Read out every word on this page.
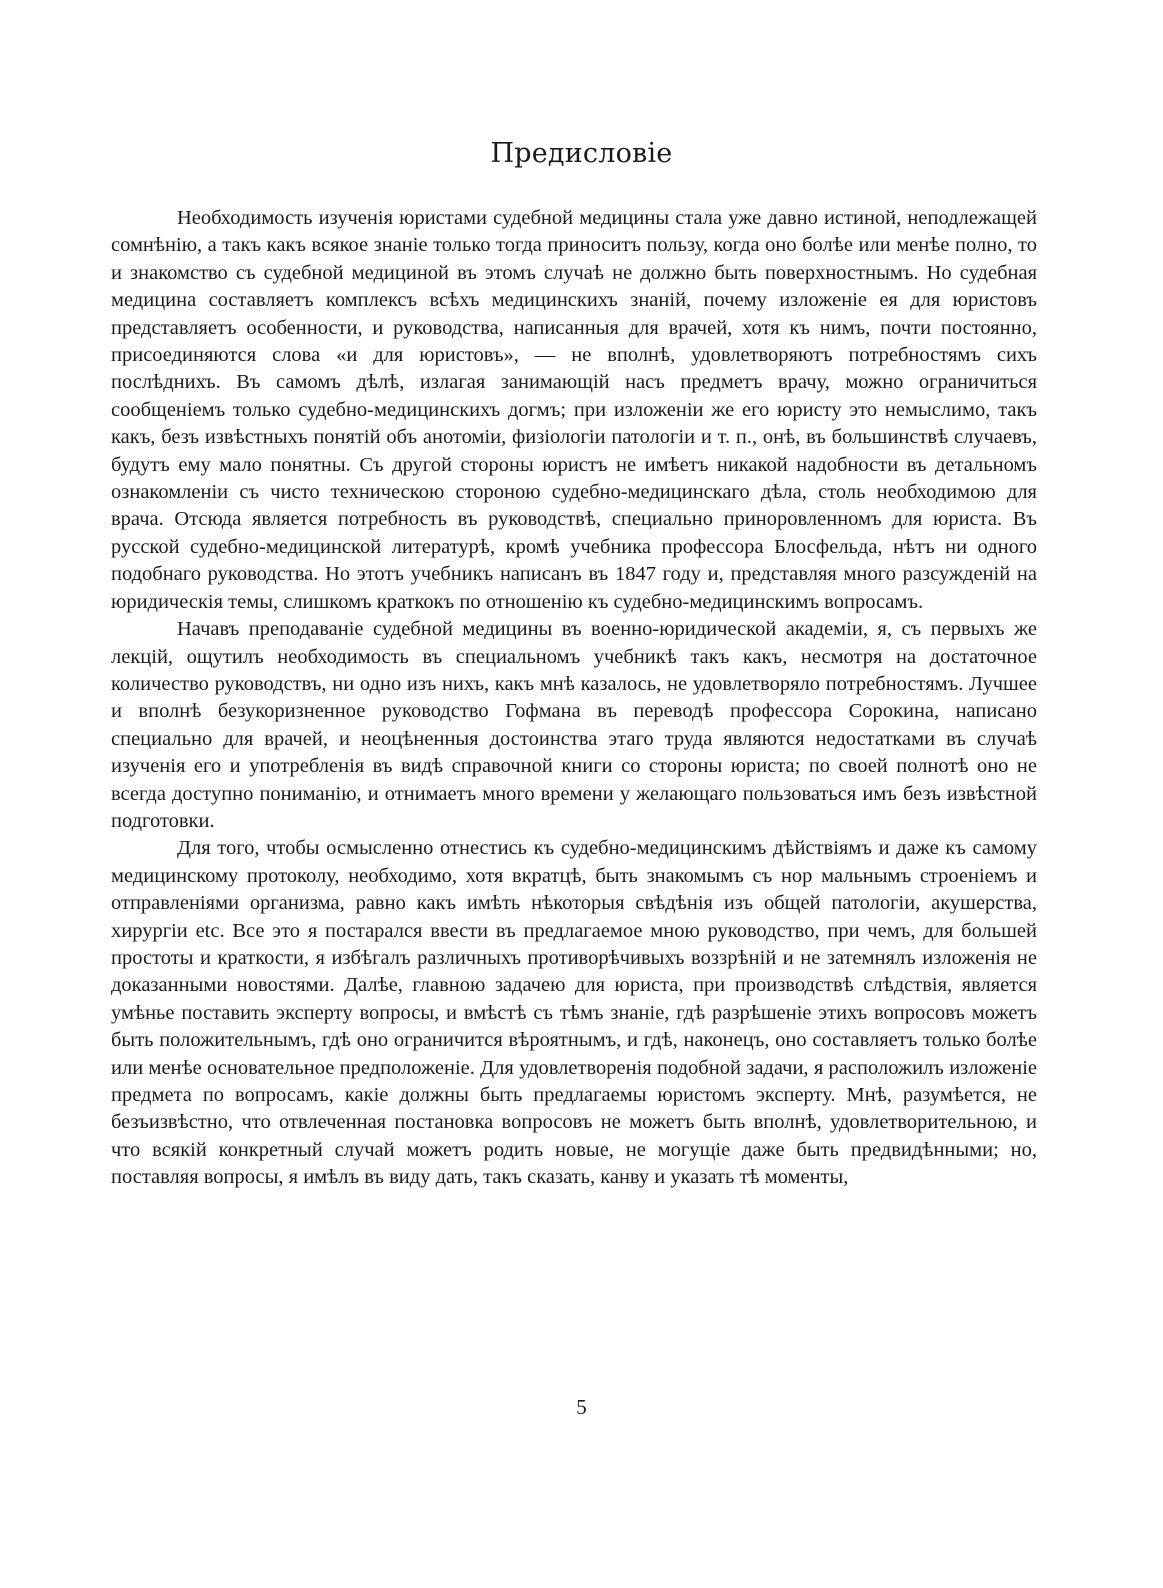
Предисловіе

Необходимость изученія юристами судебной медицины стала уже давно истиной, неподлежащей сомнѣнію, а такъ какъ всякое знаніе только тогда приноситъ пользу, когда оно болѣе или менѣе полно, то и знакомство съ судебной медициной въ этомъ случаѣ не должно быть поверхностнымъ. Но судебная медицина составляетъ комплексъ всѣхъ медицинскихъ знаній, почему изложеніе ея для юристовъ представляетъ особенности, и руководства, написанныя для врачей, хотя къ нимъ, почти постоянно, присоединяются слова «и для юристовъ», — не вполнѣ, удовлетворяютъ потребностямъ сихъ послѣднихъ. Въ самомъ дѣлѣ, излагая занимающій насъ предметъ врачу, можно ограничиться сообщеніемъ только судебно-медицинскихъ догмъ; при изложеніи же его юристу это немыслимо, такъ какъ, безъ извѣстныхъ понятій объ анотоміи, физіологіи патологіи и т. п., онѣ, въ большинствѣ случаевъ, будутъ ему мало понятны. Съ другой стороны юристъ не имѣетъ никакой надобности въ детальномъ ознакомленіи съ чисто техническою стороною судебно-медицинскаго дѣла, столь необходимою для врача. Отсюда является потребность въ руководствѣ, специально приноровленномъ для юриста. Въ русской судебно-медицинской литературѣ, кромѣ учебника профессора Блосфельда, нѣтъ ни одного подобнаго руководства. Но этотъ учебникъ написанъ въ 1847 году и, представляя много разсужденій на юридическія темы, слишкомъ краткокъ по отношенію къ судебно-медицинскимъ вопросамъ.

Начавъ преподаваніе судебной медицины въ военно-юридической академіи, я, съ первыхъ же лекцій, ощутилъ необходимость въ специальномъ учебникѣ такъ какъ, несмотря на достаточное количество руководствъ, ни одно изъ нихъ, какъ мнѣ казалось, не удовлетворяло потребностямъ. Лучшее и вполнѣ безукоризненное руководство Гофмана въ переводѣ профессора Сорокина, написано специально для врачей, и неоцѣненныя достоинства этаго труда являются недостатками въ случаѣ изученія его и употребленія въ видѣ справочной книги со стороны юриста; по своей полнотѣ оно не всегда доступно пониманію, и отнимаетъ много времени у желающаго пользоваться имъ безъ извѣстной подготовки.

Для того, чтобы осмысленно отнестись къ судебно-медицинскимъ дѣйствіямъ и даже къ самому медицинскому протоколу, необходимо, хотя вкратцѣ, быть знакомымъ съ нор мальнымъ строеніемъ и отправленіями организма, равно какъ имѣть нѣкоторыя свѣдѣнія изъ общей патологіи, акушерства, хирургіи etc. Все это я постарался ввести въ предлагаемое мною руководство, при чемъ, для большей простоты и краткости, я избѣгалъ различныхъ противорѣчивыхъ воззрѣній и не затемнялъ изложенія не доказанными новостями. Далѣе, главною задачею для юриста, при производствѣ слѣдствія, является умѣнье поставить эксперту вопросы, и вмѣстѣ съ тѣмъ знаніе, гдѣ разрѣшеніе этихъ вопросовъ можетъ быть положительнымъ, гдѣ оно ограничится вѣроятнымъ, и гдѣ, наконецъ, оно составляетъ только болѣе или менѣе основательное предположеніе. Для удовлетворенія подобной задачи, я расположилъ изложеніе предмета по вопросамъ, какіе должны быть предлагаемы юристомъ эксперту. Мнѣ, разумѣется, не безъизвѣстно, что отвлеченная постановка вопросовъ не можетъ быть вполнѣ, удовлетворительною, и что всякій конкретный случай можетъ родить новые, не могущіе даже быть предвидѣнными; но, поставляя вопросы, я имѣлъ въ виду дать, такъ сказать, канву и указать тѣ моменты,

5
